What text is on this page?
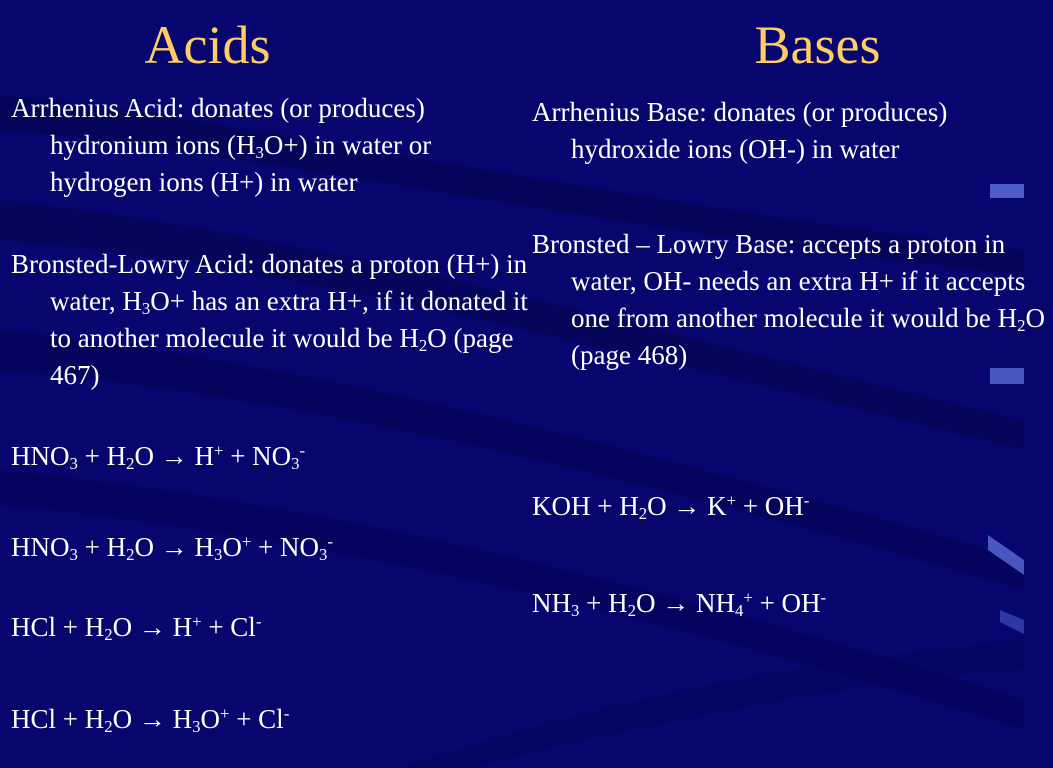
Acids	Bases

Arrhenius Acid: donates (or produces) hydronium ions $(H_3O+)$ in water or hydrogen ions (H+) in water

Bronsted-Lowry Acid: donates a proton (H+) in water, $H_3O+$ has an extra H+, if it donated it to another molecule it would be $H_2O$ (page 467)

$HNO_3 + H_2O \to H^+ + NO_3^-$

$HNO_3 + H_2O \to H_3O^+ + NO_3^-$

HCl + $H_2O \to H^+ + Cl^-$

HCl + $H_2O \to H_3O^+ + Cl^-$

Arrhenius Base: donates (or produces) hydroxide ions (OH-) in water

Bronsted – Lowry Base: accepts a proton in water, OH- needs an extra H+ if it accepts one from another molecule it would be $H_2O$ (page 468)

KOH + $H_2O \to K^+ + OH^-$

$NH_3 + H_2O \to NH_4^+ + OH^-$
